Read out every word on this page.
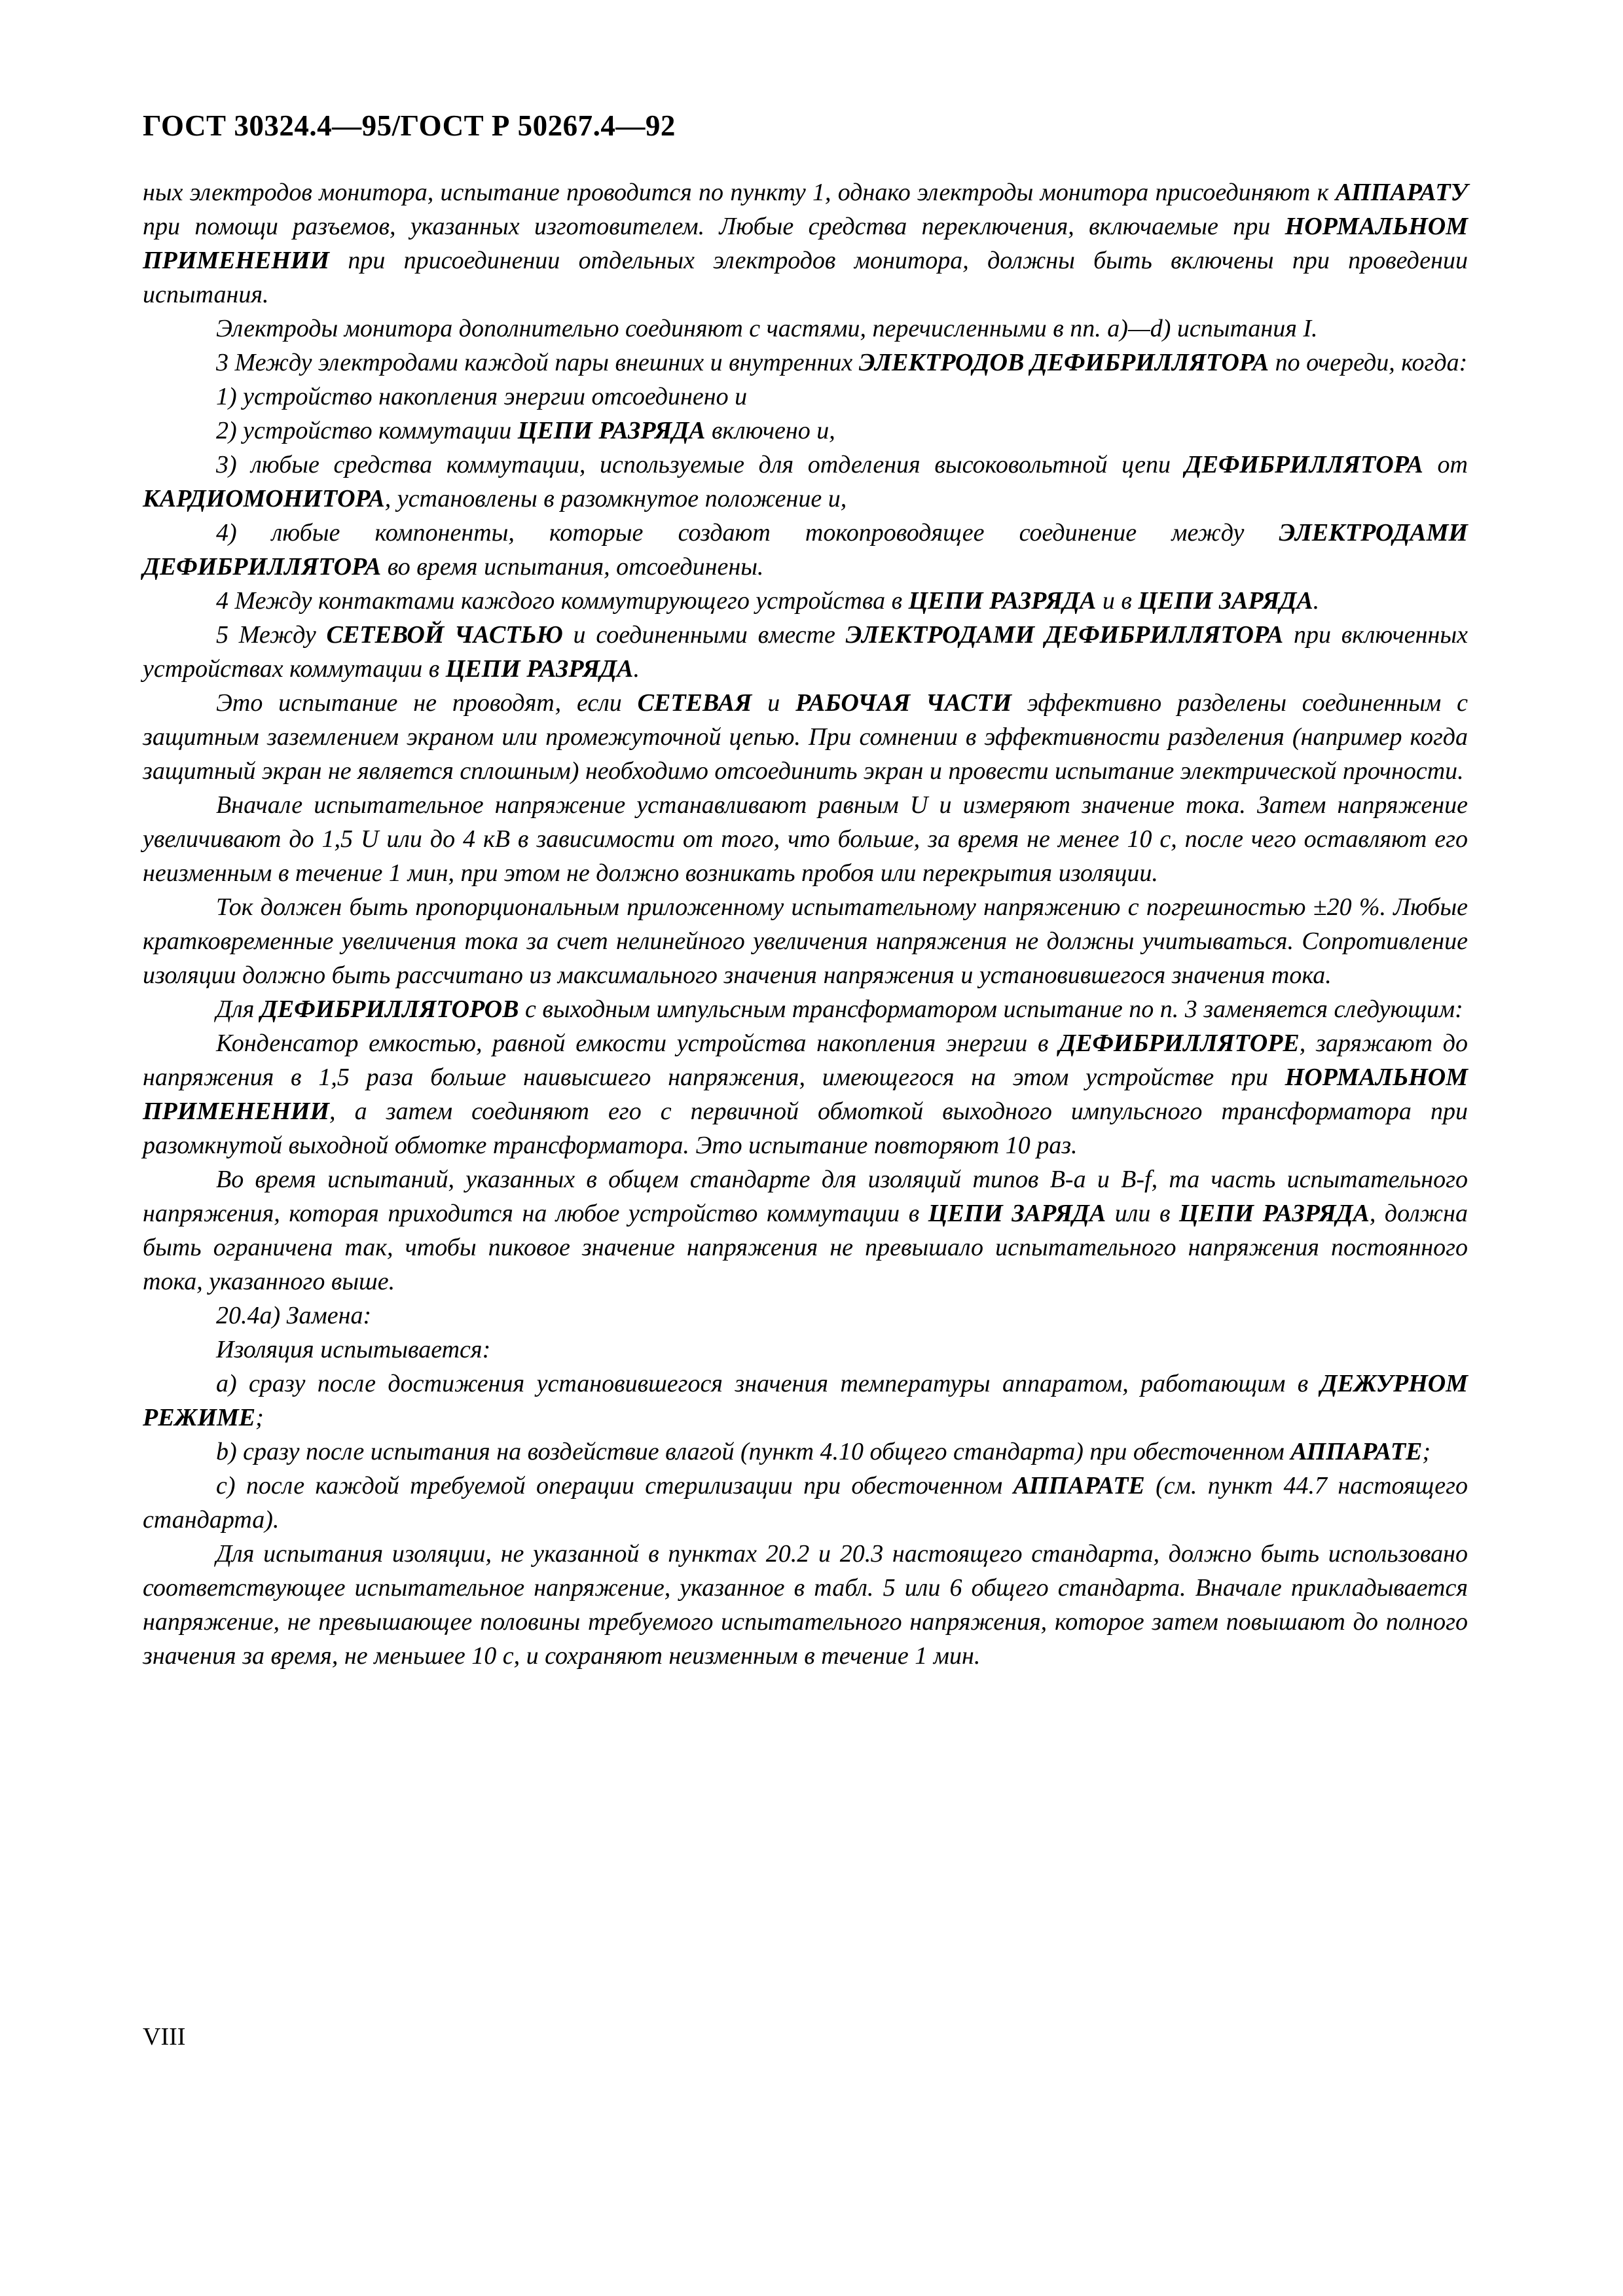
ГОСТ 30324.4—95/ГОСТ Р 50267.4—92

ных электродов монитора, испытание проводится по пункту 1, однако электроды монитора присоединяют к АППАРАТУ при помощи разъемов, указанных изготовителем. Любые средства переключения, включаемые при НОРМАЛЬНОМ ПРИМЕНЕНИИ при присоединении отдельных электродов монитора, должны быть включены при проведении испытания.

Электроды монитора дополнительно соединяют с частями, перечисленными в пп. a)—d) испытания I.

3 Между электродами каждой пары внешних и внутренних ЭЛЕКТРОДОВ ДЕФИБРИЛЛЯТОРА по очереди, когда:

1) устройство накопления энергии отсоединено и

2) устройство коммутации ЦЕПИ РАЗРЯДА включено и,

3) любые средства коммутации, используемые для отделения высоковольтной цепи ДЕФИБРИЛЛЯТОРА от КАРДИОМОНИТОРА, установлены в разомкнутое положение и,

4) любые компоненты, которые создают токопроводящее соединение между ЭЛЕКТРОДАМИ ДЕФИБРИЛЛЯТОРА во время испытания, отсоединены.

4 Между контактами каждого коммутирующего устройства в ЦЕПИ РАЗРЯДА и в ЦЕПИ ЗАРЯДА.

5 Между СЕТЕВОЙ ЧАСТЬЮ и соединенными вместе ЭЛЕКТРОДАМИ ДЕФИБРИЛЛЯТОРА при включенных устройствах коммутации в ЦЕПИ РАЗРЯДА.

Это испытание не проводят, если СЕТЕВАЯ и РАБОЧАЯ ЧАСТИ эффективно разделены соединенным с защитным заземлением экраном или промежуточной цепью. При сомнении в эффективности разделения (например когда защитный экран не является сплошным) необходимо отсоединить экран и провести испытание электрической прочности.

Вначале испытательное напряжение устанавливают равным U и измеряют значение тока. Затем напряжение увеличивают до 1,5 U или до 4 кВ в зависимости от того, что больше, за время не менее 10 с, после чего оставляют его неизменным в течение 1 мин, при этом не должно возникать пробоя или перекрытия изоляции.

Ток должен быть пропорциональным приложенному испытательному напряжению с погрешностью ±20 %. Любые кратковременные увеличения тока за счет нелинейного увеличения напряжения не должны учитываться. Сопротивление изоляции должно быть рассчитано из максимального значения напряжения и установившегося значения тока.

Для ДЕФИБРИЛЛЯТОРОВ с выходным импульсным трансформатором испытание по п. 3 заменяется следующим:

Конденсатор емкостью, равной емкости устройства накопления энергии в ДЕФИБРИЛЛЯТОРЕ, заряжают до напряжения в 1,5 раза больше наивысшего напряжения, имеющегося на этом устройстве при НОРМАЛЬНОМ ПРИМЕНЕНИИ, а затем соединяют его с первичной обмоткой выходного импульсного трансформатора при разомкнутой выходной обмотке трансформатора. Это испытание повторяют 10 раз.

Во время испытаний, указанных в общем стандарте для изоляций типов B-a и B-f, та часть испытательного напряжения, которая приходится на любое устройство коммутации в ЦЕПИ ЗАРЯДА или в ЦЕПИ РАЗРЯДА, должна быть ограничена так, чтобы пиковое значение напряжения не превышало испытательного напряжения постоянного тока, указанного выше.

20.4a) Замена:

Изоляция испытывается:

a) сразу после достижения установившегося значения температуры аппаратом, работающим в ДЕЖУРНОМ РЕЖИМЕ;

b) сразу после испытания на воздействие влагой (пункт 4.10 общего стандарта) при обесточенном АППАРАТЕ;

c) после каждой требуемой операции стерилизации при обесточенном АППАРАТЕ (см. пункт 44.7 настоящего стандарта).

Для испытания изоляции, не указанной в пунктах 20.2 и 20.3 настоящего стандарта, должно быть использовано соответствующее испытательное напряжение, указанное в табл. 5 или 6 общего стандарта. Вначале прикладывается напряжение, не превышающее половины требуемого испытательного напряжения, которое затем повышают до полного значения за время, не меньшее 10 с, и сохраняют неизменным в течение 1 мин.

VIII
